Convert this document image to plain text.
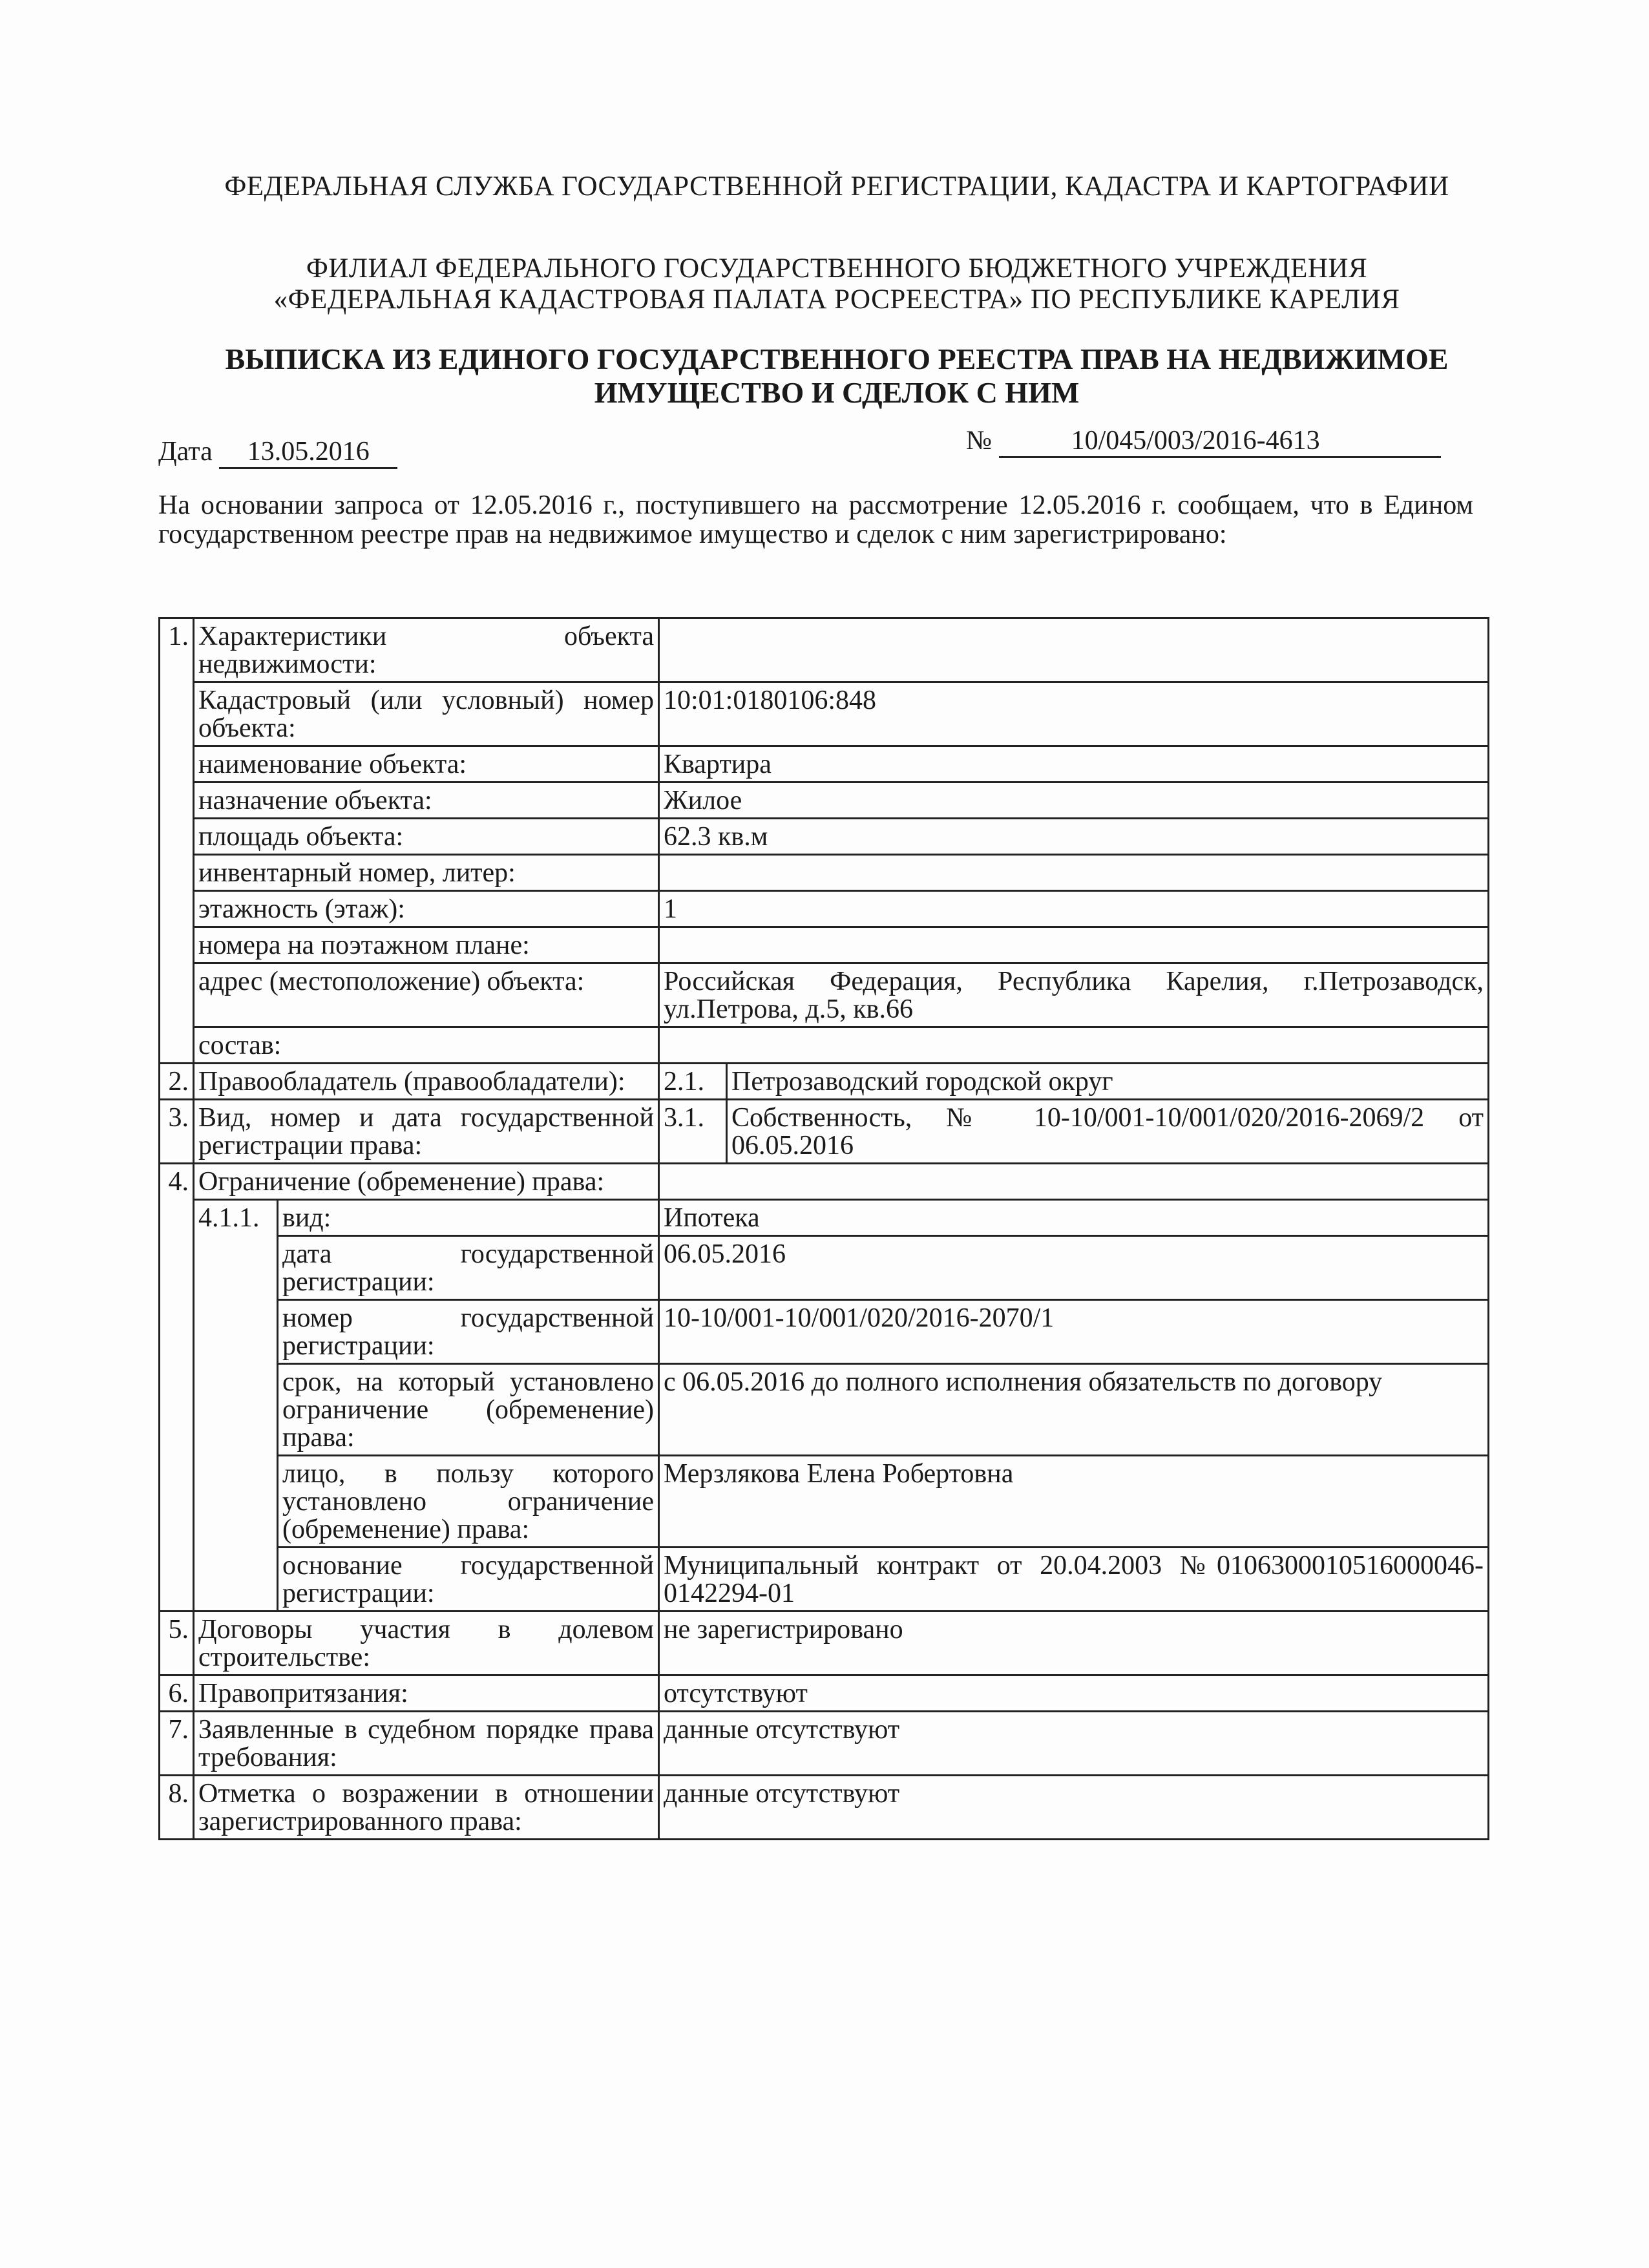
ФЕДЕРАЛЬНАЯ СЛУЖБА ГОСУДАРСТВЕННОЙ РЕГИСТРАЦИИ, КАДАСТРА И КАРТОГРАФИИ
ФИЛИАЛ ФЕДЕРАЛЬНОГО ГОСУДАРСТВЕННОГО БЮДЖЕТНОГО УЧРЕЖДЕНИЯ «ФЕДЕРАЛЬНАЯ КАДАСТРОВАЯ ПАЛАТА РОСРЕЕСТРА» ПО РЕСПУБЛИКЕ КАРЕЛИЯ
ВЫПИСКА ИЗ ЕДИНОГО ГОСУДАРСТВЕННОГО РЕЕСТРА ПРАВ НА НЕДВИЖИМОЕ ИМУЩЕСТВО И СДЕЛОК С НИМ
Дата 13.05.2016	№	10/045/003/2016-4613
На основании запроса от 12.05.2016 г., поступившего на рассмотрение 12.05.2016 г. сообщаем, что в Едином государственном реестре прав на недвижимое имущество и сделок с ним зарегистрировано:
1.	Характеристики объекта недвижимости:			
	Кадастровый (или условный) номер объекта:		10:01:0180106:848	
	наименование объекта:		Квартира	
	назначение объекта:		Жилое	
	площадь объекта:		62.3 кв.м	
	инвентарный номер, литер:			
	этажность (этаж):		1	
	номера на поэтажном плане:			
	адрес (местоположение) объекта:		Российская Федерация, Республика Карелия, г.Петрозаводск, ул.Петрова, д.5, кв.66	
	состав:			
2.	Правообладатель (правообладатели):		2.1.	Петрозаводский городской округ
3.	Вид, номер и дата государственной регистрации права:		3.1.	Собственность, № 10-10/001-10/001/020/2016-2069/2 от 06.05.2016
4.	Ограничение (обременение) права:			
	4.1.1.	вид:	Ипотека	
		дата государственной регистрации:	06.05.2016	
		номер государственной регистрации:	10-10/001-10/001/020/2016-2070/1	
		срок, на который установлено ограничение (обременение) права:	с 06.05.2016 до полного исполнения обязательств по договору	
		лицо, в пользу которого установлено ограничение (обременение) права:	Мерзлякова Елена Робертовна	
		основание государственной регистрации:	Муниципальный контракт от 20.04.2003 №0106300010516000046-0142294-01	
5.	Договоры участия в долевом строительстве:		не зарегистрировано	
6.	Правопритязания:		отсутствуют	
7.	Заявленные в судебном порядке права требования:		данные отсутствуют	
8.	Отметка о возражении в отношении зарегистрированного права:		данные отсутствуют	
